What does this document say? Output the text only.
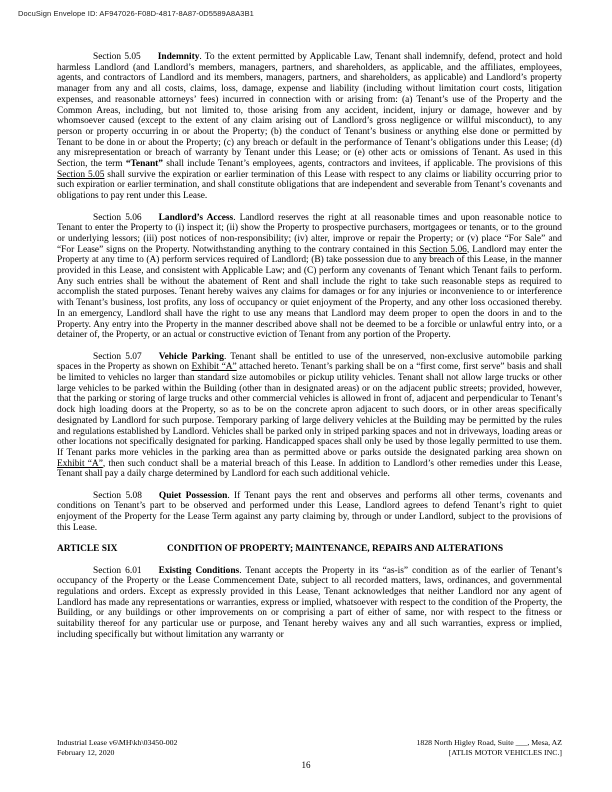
DocuSign Envelope ID: AF947026-F08D-4817-8A87-0D5589A8A3B1
Section 5.05 Indemnity. To the extent permitted by Applicable Law, Tenant shall indemnify, defend, protect and hold harmless Landlord (and Landlord’s members, managers, partners, and shareholders, as applicable, and the affiliates, employees, agents, and contractors of Landlord and its members, managers, partners, and shareholders, as applicable) and Landlord’s property manager from any and all costs, claims, loss, damage, expense and liability (including without limitation court costs, litigation expenses, and reasonable attorneys’ fees) incurred in connection with or arising from: (a) Tenant’s use of the Property and the Common Areas, including, but not limited to, those arising from any accident, incident, injury or damage, however and by whomsoever caused (except to the extent of any claim arising out of Landlord’s gross negligence or willful misconduct), to any person or property occurring in or about the Property; (b) the conduct of Tenant’s business or anything else done or permitted by Tenant to be done in or about the Property; (c) any breach or default in the performance of Tenant’s obligations under this Lease; (d) any misrepresentation or breach of warranty by Tenant under this Lease; or (e) other acts or omissions of Tenant. As used in this Section, the term “Tenant” shall include Tenant’s employees, agents, contractors and invitees, if applicable. The provisions of this Section 5.05 shall survive the expiration or earlier termination of this Lease with respect to any claims or liability occurring prior to such expiration or earlier termination, and shall constitute obligations that are independent and severable from Tenant’s covenants and obligations to pay rent under this Lease.
Section 5.06 Landlord’s Access. Landlord reserves the right at all reasonable times and upon reasonable notice to Tenant to enter the Property to (i) inspect it; (ii) show the Property to prospective purchasers, mortgagees or tenants, or to the ground or underlying lessors; (iii) post notices of non-responsibility; (iv) alter, improve or repair the Property; or (v) place “For Sale” and “For Lease” signs on the Property. Notwithstanding anything to the contrary contained in this Section 5.06, Landlord may enter the Property at any time to (A) perform services required of Landlord; (B) take possession due to any breach of this Lease, in the manner provided in this Lease, and consistent with Applicable Law; and (C) perform any covenants of Tenant which Tenant fails to perform. Any such entries shall be without the abatement of Rent and shall include the right to take such reasonable steps as required to accomplish the stated purposes. Tenant hereby waives any claims for damages or for any injuries or inconvenience to or interference with Tenant’s business, lost profits, any loss of occupancy or quiet enjoyment of the Property, and any other loss occasioned thereby. In an emergency, Landlord shall have the right to use any means that Landlord may deem proper to open the doors in and to the Property. Any entry into the Property in the manner described above shall not be deemed to be a forcible or unlawful entry into, or a detainer of, the Property, or an actual or constructive eviction of Tenant from any portion of the Property.
Section 5.07 Vehicle Parking. Tenant shall be entitled to use of the unreserved, non-exclusive automobile parking spaces in the Property as shown on Exhibit “A” attached hereto. Tenant’s parking shall be on a “first come, first serve” basis and shall be limited to vehicles no larger than standard size automobiles or pickup utility vehicles. Tenant shall not allow large trucks or other large vehicles to be parked within the Building (other than in designated areas) or on the adjacent public streets; provided, however, that the parking or storing of large trucks and other commercial vehicles is allowed in front of, adjacent and perpendicular to Tenant’s dock high loading doors at the Property, so as to be on the concrete apron adjacent to such doors, or in other areas specifically designated by Landlord for such purpose. Temporary parking of large delivery vehicles at the Building may be permitted by the rules and regulations established by Landlord. Vehicles shall be parked only in striped parking spaces and not in driveways, loading areas or other locations not specifically designated for parking. Handicapped spaces shall only be used by those legally permitted to use them. If Tenant parks more vehicles in the parking area than as permitted above or parks outside the designated parking area shown on Exhibit “A”, then such conduct shall be a material breach of this Lease. In addition to Landlord’s other remedies under this Lease, Tenant shall pay a daily charge determined by Landlord for each such additional vehicle.
Section 5.08 Quiet Possession. If Tenant pays the rent and observes and performs all other terms, covenants and conditions on Tenant’s part to be observed and performed under this Lease, Landlord agrees to defend Tenant’s right to quiet enjoyment of the Property for the Lease Term against any party claiming by, through or under Landlord, subject to the provisions of this Lease.
ARTICLE SIX	CONDITION OF PROPERTY; MAINTENANCE, REPAIRS AND ALTERATIONS
Section 6.01 Existing Conditions. Tenant accepts the Property in its “as-is” condition as of the earlier of Tenant’s occupancy of the Property or the Lease Commencement Date, subject to all recorded matters, laws, ordinances, and governmental regulations and orders. Except as expressly provided in this Lease, Tenant acknowledges that neither Landlord nor any agent of Landlord has made any representations or warranties, express or implied, whatsoever with respect to the condition of the Property, the Building, or any buildings or other improvements on or comprising a part of either of same, nor with respect to the fitness or suitability thereof for any particular use or purpose, and Tenant hereby waives any and all such warranties, express or implied, including specifically but without limitation any warranty or
Industrial Lease v6\MH\kh\03450-002
February 12, 2020
1828 North Higley Road, Suite ___, Mesa, AZ
[ATLIS MOTOR VEHICLES INC.]
16
